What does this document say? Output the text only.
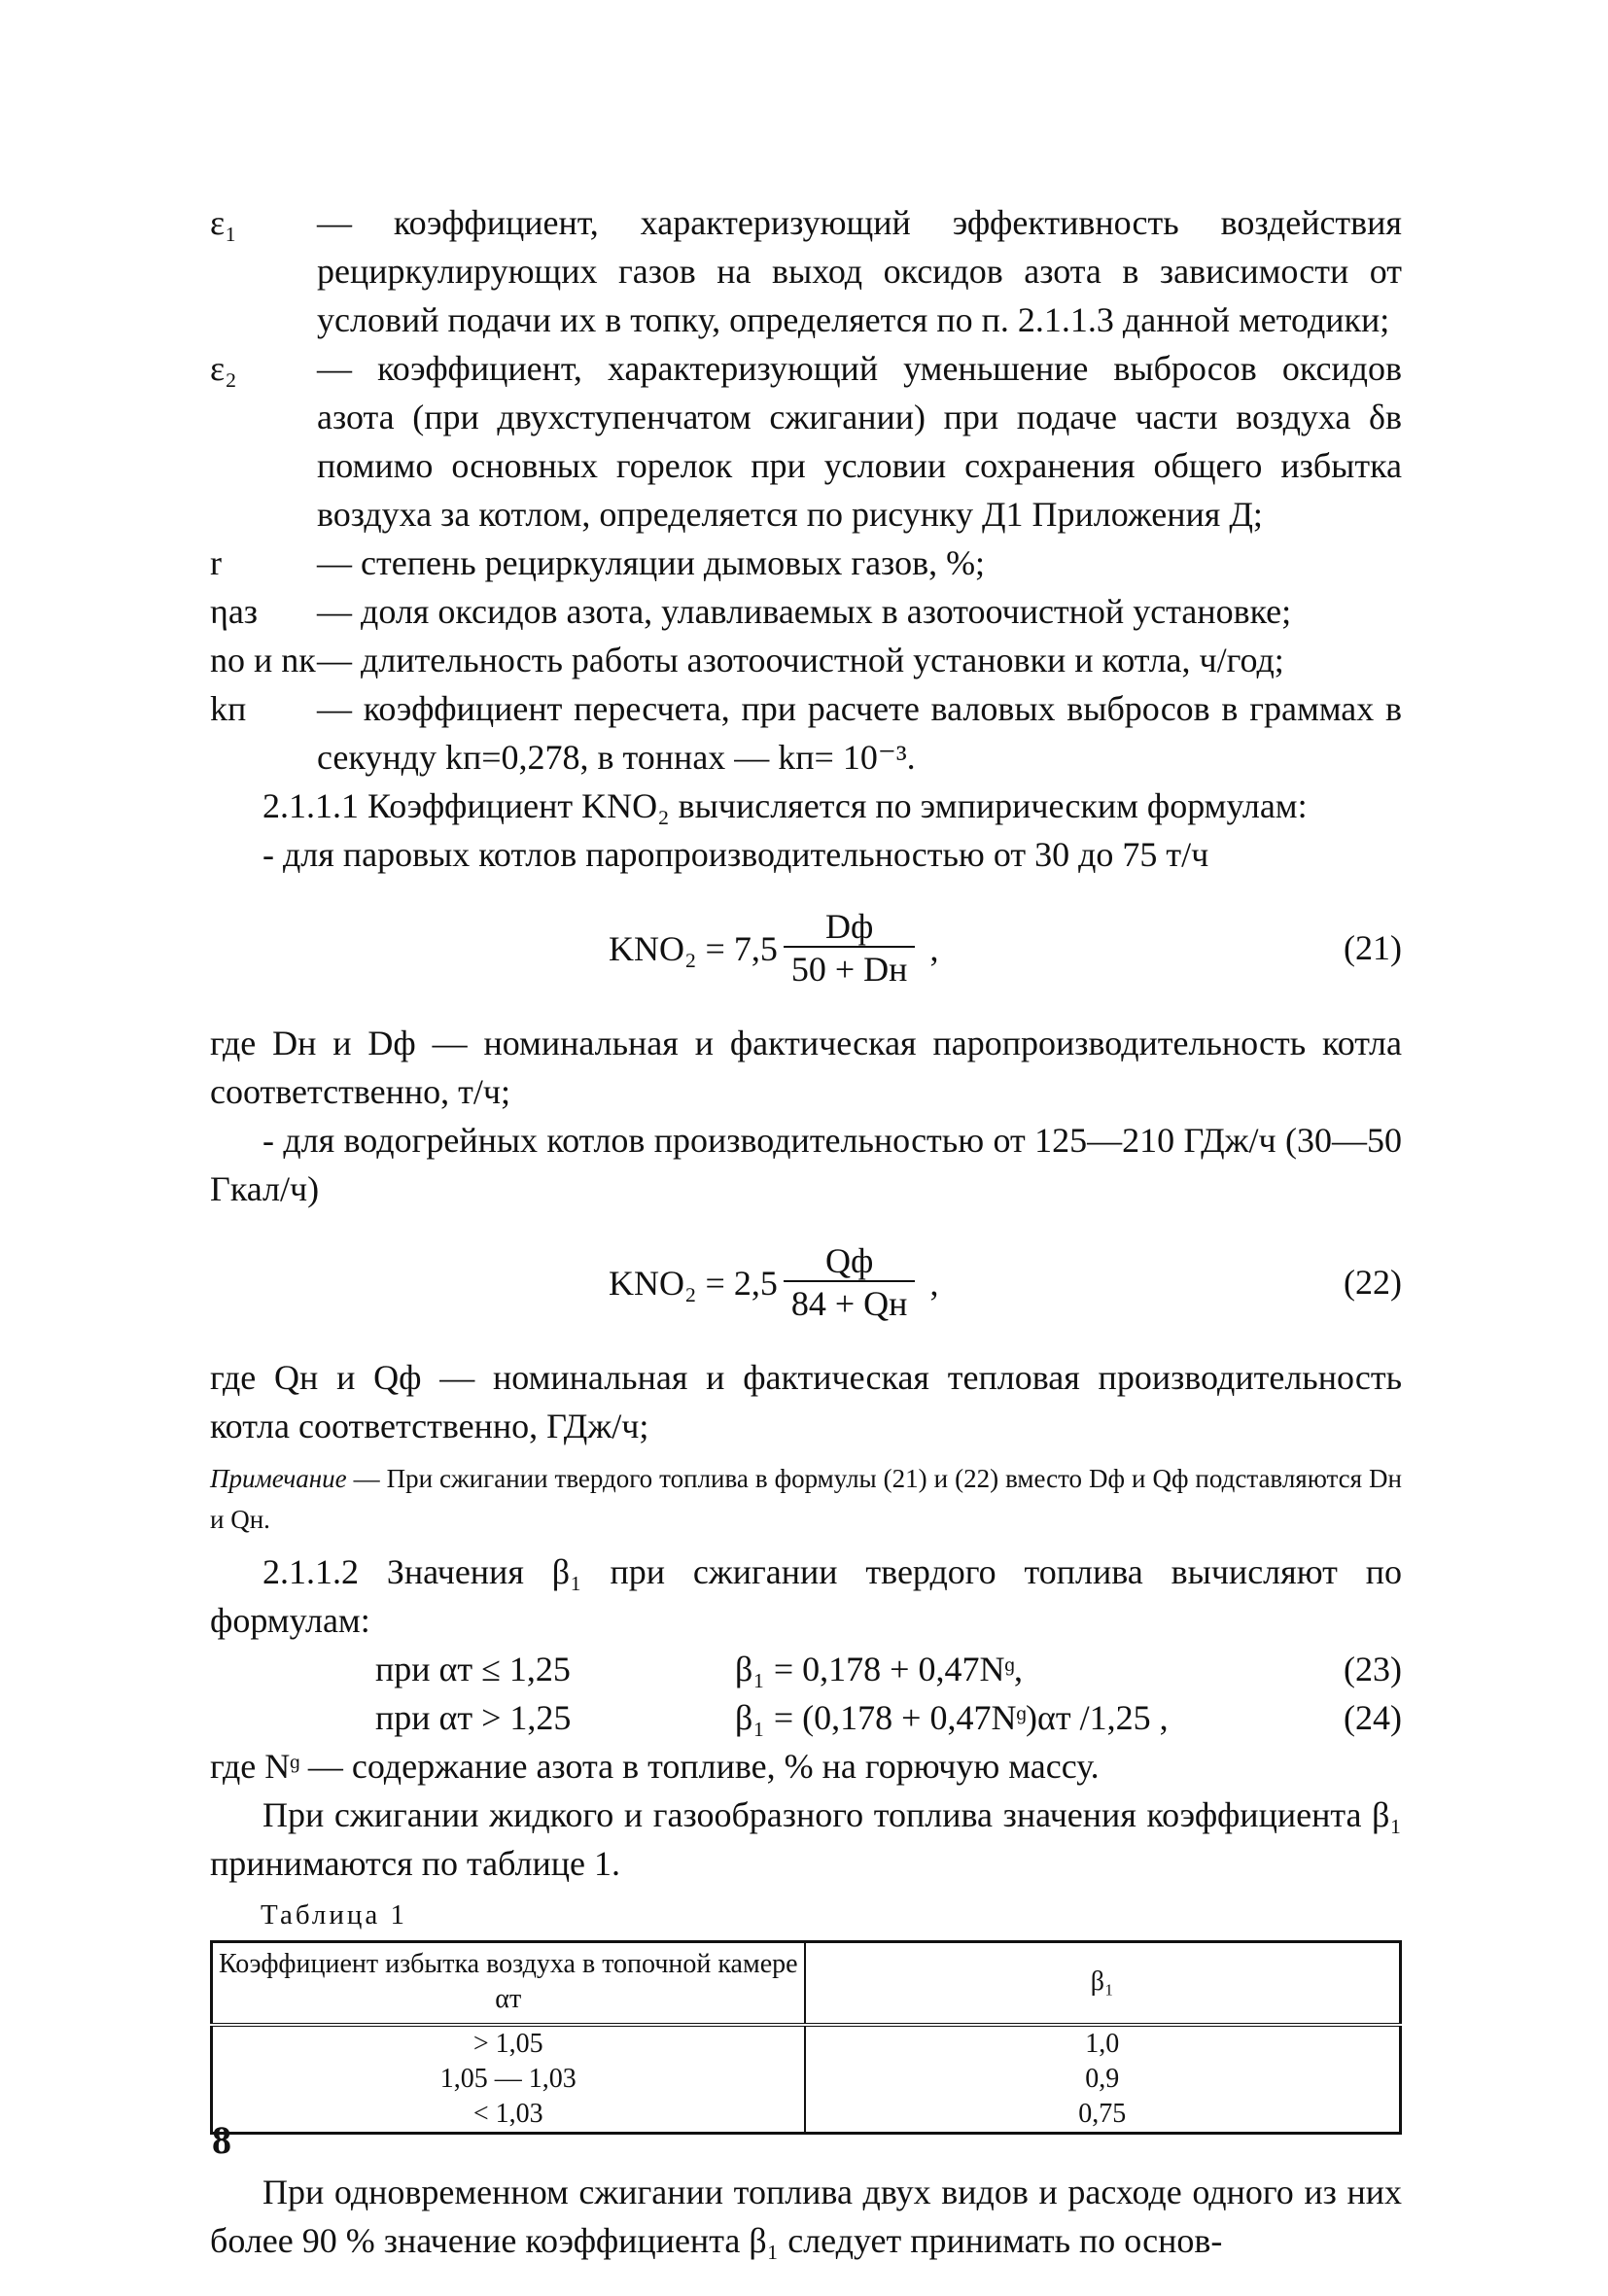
ε₁	— коэффициент, характеризующий эффективность воздействия рециркулирующих газов на выход оксидов азота в зависимости от условий подачи их в топку, определяется по п. 2.1.1.3 данной методики;
ε₂	— коэффициент, характеризующий уменьшение выбросов оксидов азота (при двухступенчатом сжигании) при подаче части воздуха δв помимо основных горелок при условии сохранения общего избытка воздуха за котлом, определяется по рисунку Д1 Приложения Д;
r	— степень рециркуляции дымовых газов, %;
ηаз	— доля оксидов азота, улавливаемых в азотоочистной установке;
nо и nк — длительность работы азотоочистной установки и котла, ч/год;
kп	— коэффициент пересчета, при расчете валовых выбросов в граммах в секунду kп=0,278, в тоннах — kп= 10⁻³.

2.1.1.1 Коэффициент KNO₂ вычисляется по эмпирическим формулам:

- для паровых котлов паропроизводительностью от 30 до 75 т/ч

$KNO_2 = 7,5 \frac{Dф}{50 + Dн}$ ,	(21)

где Dн и Dф — номинальная и фактическая паропроизводительность котла соответственно, т/ч;

- для водогрейных котлов производительностью от 125—210 ГДж/ч (30—50 Гкал/ч)

$KNO_2 = 2,5 \frac{Qф}{84 + Qн}$ ,	(22)

где Qн и Qф — номинальная и фактическая тепловая производительность котла соответственно, ГДж/ч;

Примечание — При сжигании твердого топлива в формулы (21) и (22) вместо Dф и Qф подставляются Dн и Qн.

2.1.1.2 Значения β₁ при сжигании твердого топлива вычисляют по формулам:

при αт ≤ 1,25	β₁ = 0,178 + 0,47Nᶢ,	(23)
при αт > 1,25	β₁ = (0,178 + 0,47Nᶢ)αт /1,25 ,	(24)

где Nᶢ — содержание азота в топливе, % на горючую массу.

При сжигании жидкого и газообразного топлива значения коэффициента β₁ принимаются по таблице 1.

Таблица 1
Коэффициент избытка воздуха в топочной камере αт	β₁
> 1,05	1,0
1,05 — 1,03	0,9
< 1,03	0,75

При одновременном сжигании топлива двух видов и расходе одного из них более 90 % значение коэффициента β₁ следует принимать по основ-

8
